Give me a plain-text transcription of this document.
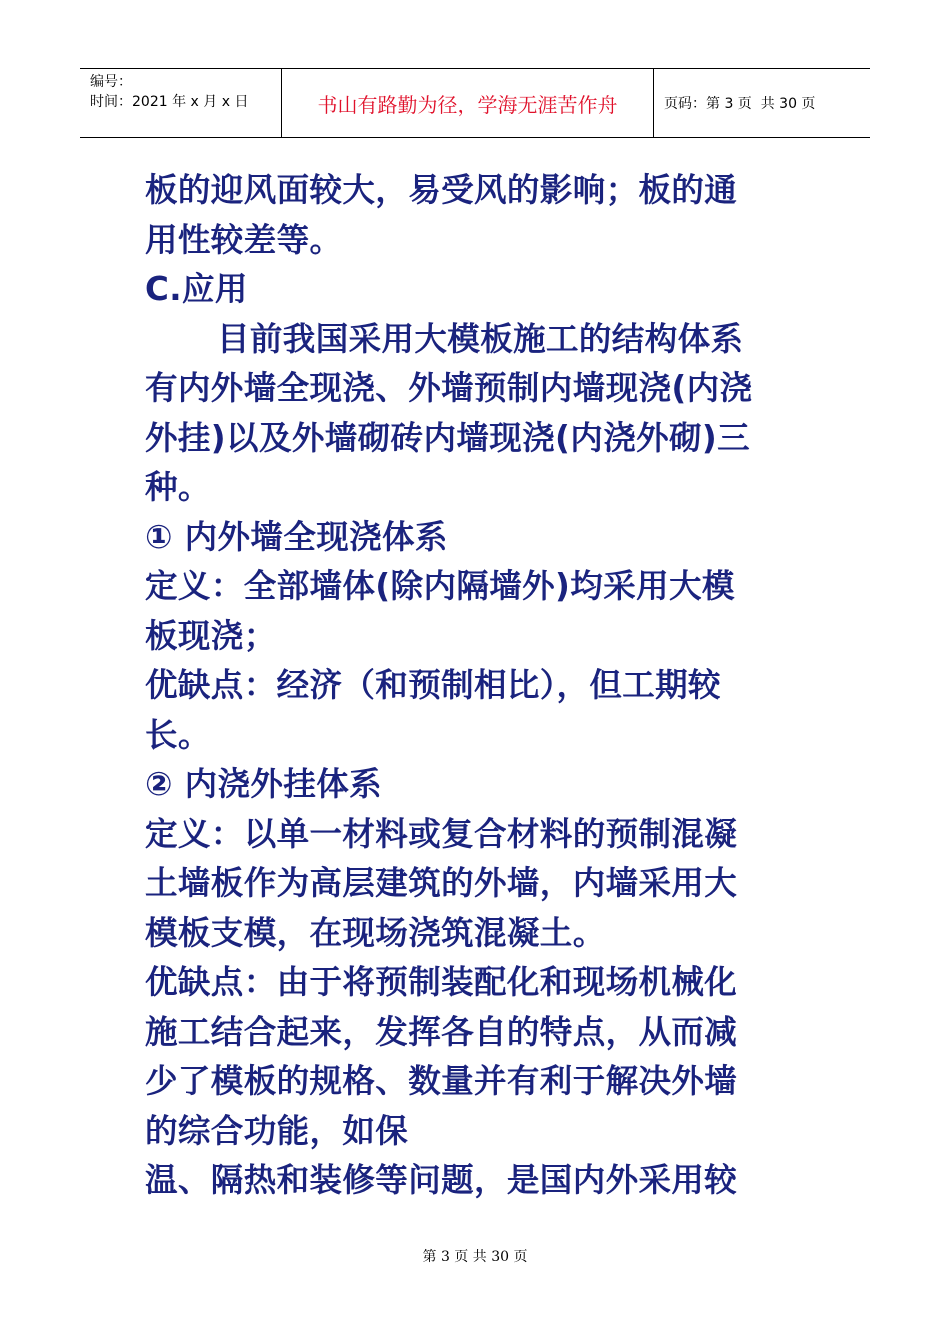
编号：
时间：2021 年 x 月 x 日	书山有路勤为径，学海无涯苦作舟	页码：第 3 页  共 30 页
板的迎风面较大，易受风的影响；板的通
用性较差等。
C.应用
目前我国采用大模板施工的结构体系
有内外墙全现浇、外墙预制内墙现浇(内浇
外挂)以及外墙砌砖内墙现浇(内浇外砌)三
种。
① 内外墙全现浇体系
定义：全部墙体(除内隔墙外)均采用大模
板现浇；
优缺点：经济（和预制相比），但工期较
长。
② 内浇外挂体系
定义：以单一材料或复合材料的预制混凝
土墙板作为高层建筑的外墙，内墙采用大
模板支模，在现场浇筑混凝土。
优缺点：由于将预制装配化和现场机械化
施工结合起来，发挥各自的特点，从而减
少了模板的规格、数量并有利于解决外墙
的综合功能，如保
温、隔热和装修等问题，是国内外采用较
第 3 页 共 30 页
